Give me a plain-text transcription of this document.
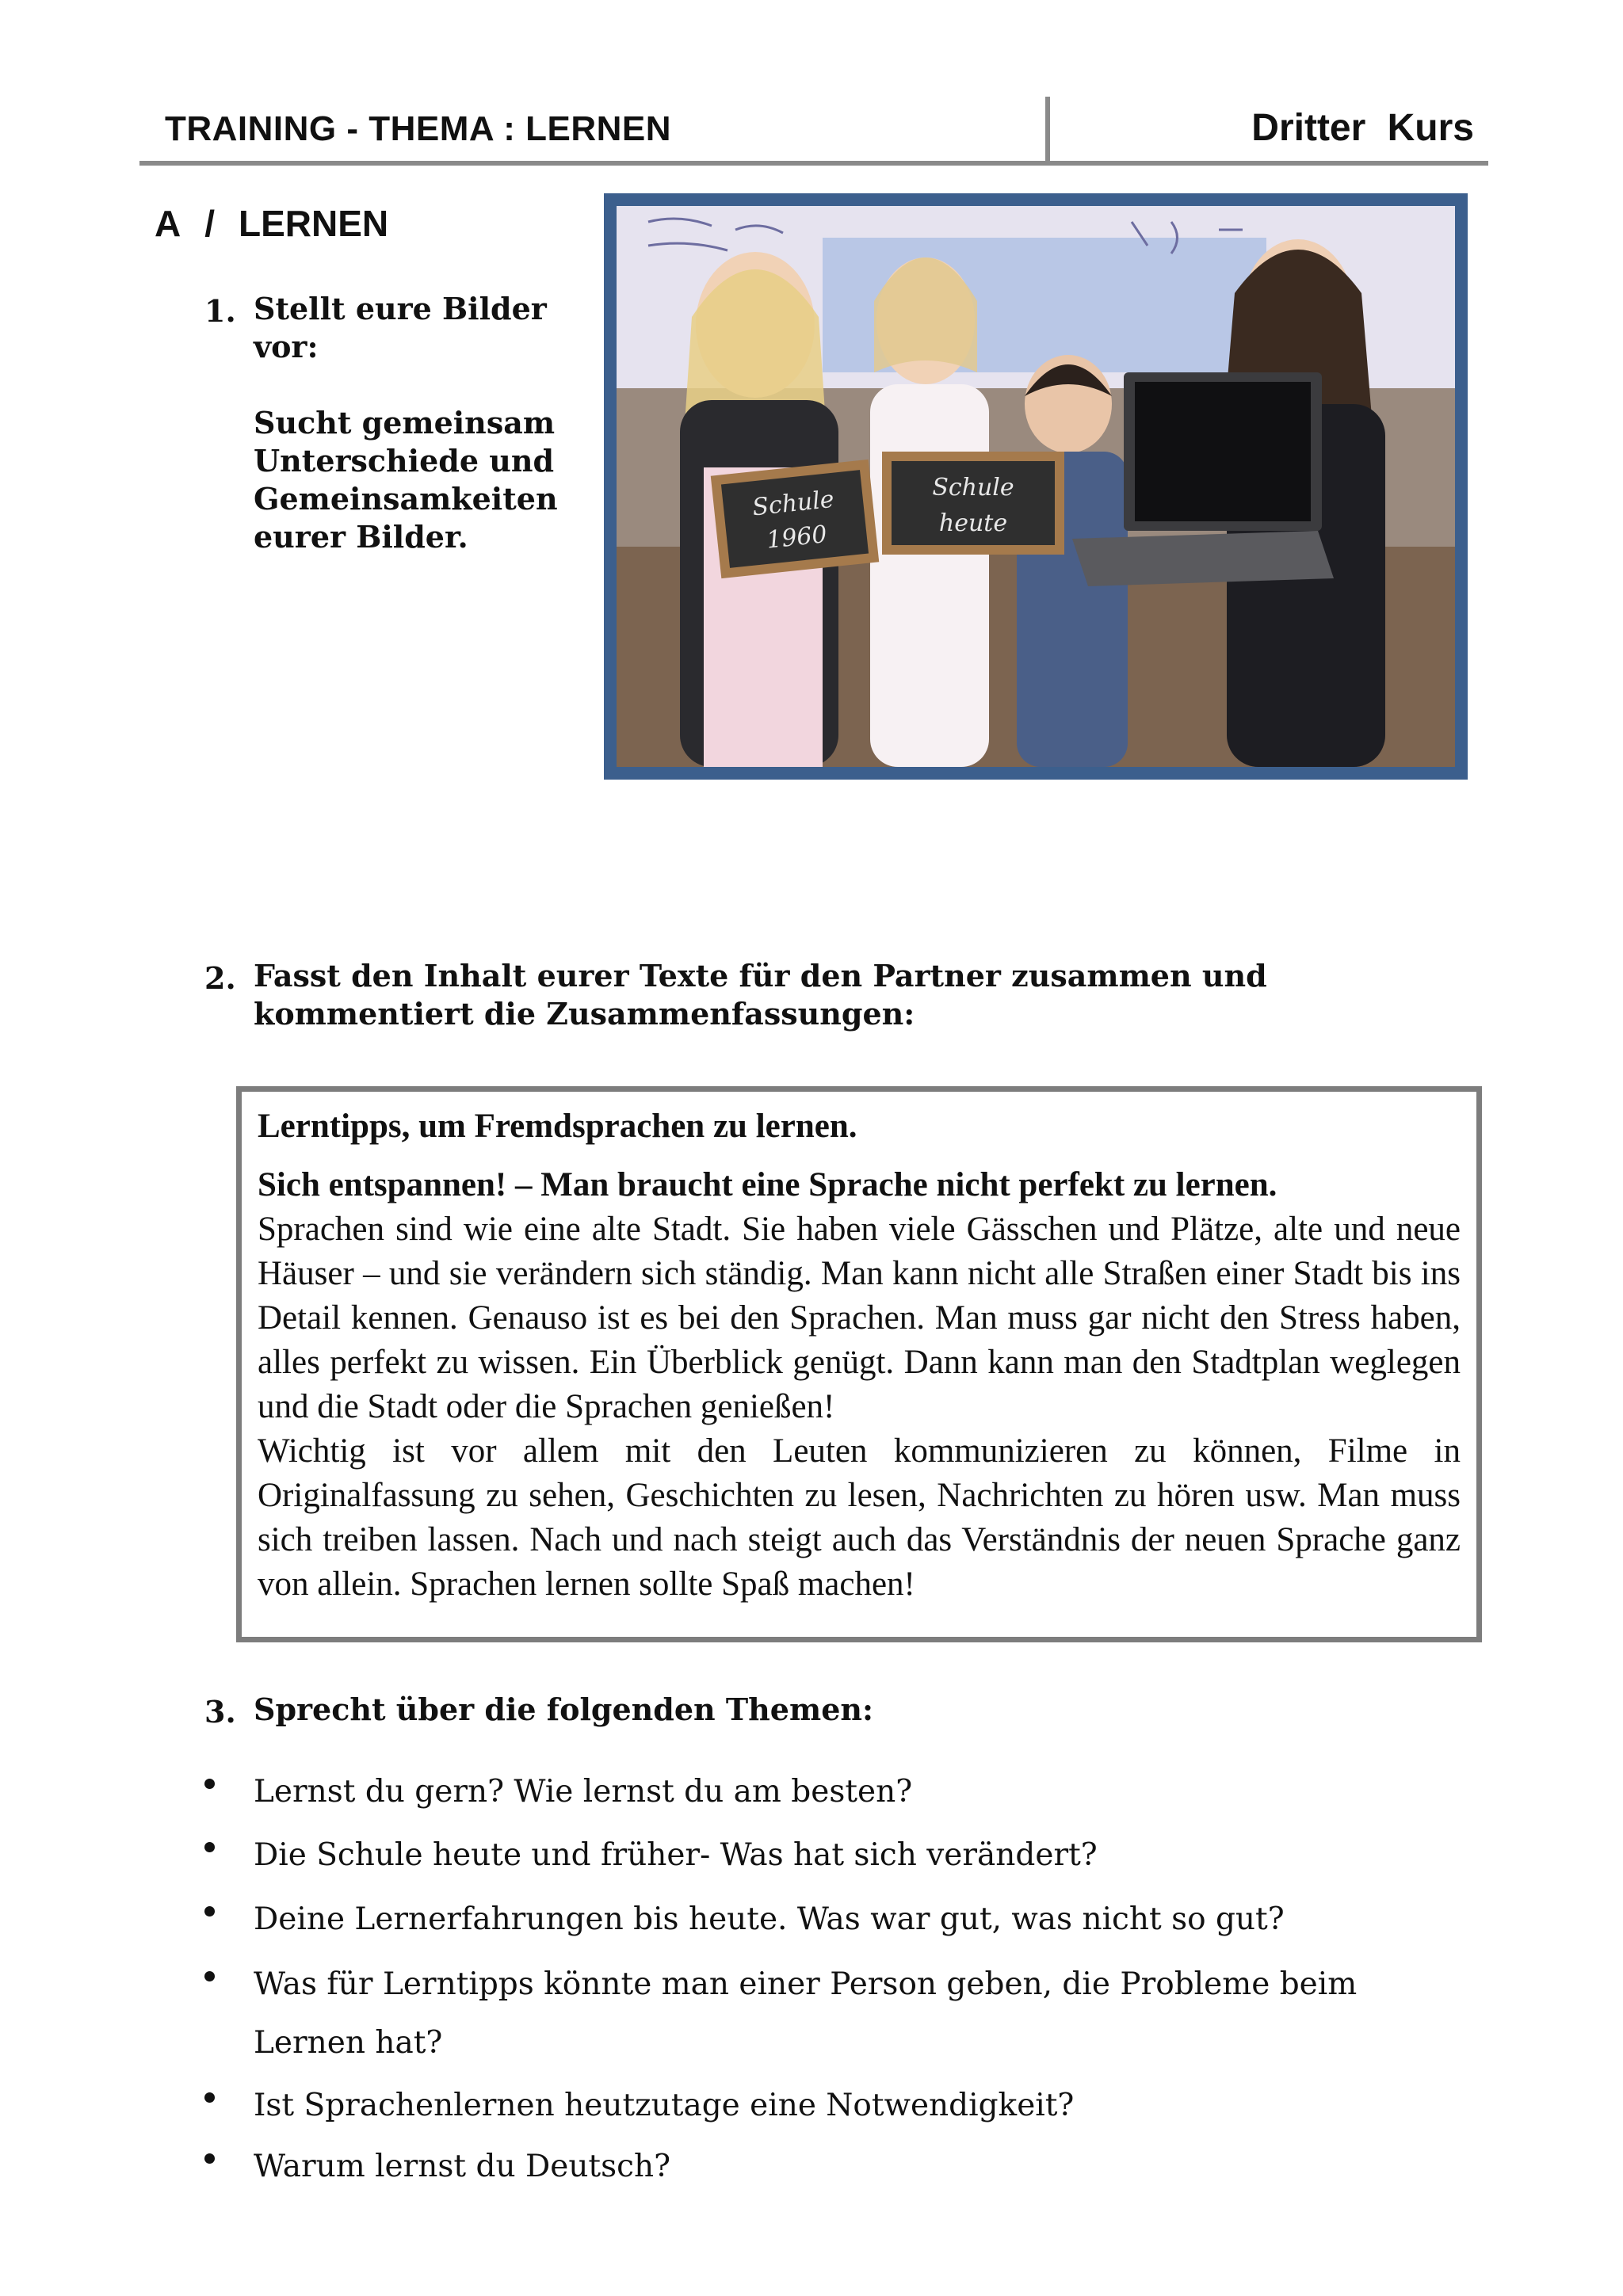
TRAINING - THEMA : LERNEN	Dritter Kurs
A / LERNEN
1. Stellt eure Bilder
vor:
Sucht gemeinsam
Unterschiede und
Gemeinsamkeiten
eurer Bilder.
Schule
1960
Schule
heute
2. Fasst den Inhalt eurer Texte für den Partner zusammen und
kommentiert die Zusammenfassungen:
Lerntipps, um Fremdsprachen zu lernen.
Sich entspannen! – Man braucht eine Sprache nicht perfekt zu lernen.
Sprachen sind wie eine alte Stadt. Sie haben viele Gässchen und Plätze, alte und neue Häuser – und sie verändern sich ständig. Man kann nicht alle Straßen einer Stadt bis ins Detail kennen. Genauso ist es bei den Sprachen. Man muss gar nicht den Stress haben, alles perfekt zu wissen. Ein Überblick genügt. Dann kann man den Stadtplan weglegen und die Stadt oder die Sprachen genießen!
Wichtig ist vor allem mit den Leuten kommunizieren zu können, Filme in Originalfassung zu sehen, Geschichten zu lesen, Nachrichten zu hören usw. Man muss sich treiben lassen. Nach und nach steigt auch das Verständnis der neuen Sprache ganz von allein. Sprachen lernen sollte Spaß machen!
3. Sprecht über die folgenden Themen:
Lernst du gern? Wie lernst du am besten?
Die Schule heute und früher- Was hat sich verändert?
Deine Lernerfahrungen bis heute. Was war gut, was nicht so gut?
Was für Lerntipps könnte man einer Person geben, die Probleme beim
Lernen hat?
Ist Sprachenlernen heutzutage eine Notwendigkeit?
Warum lernst du Deutsch?
